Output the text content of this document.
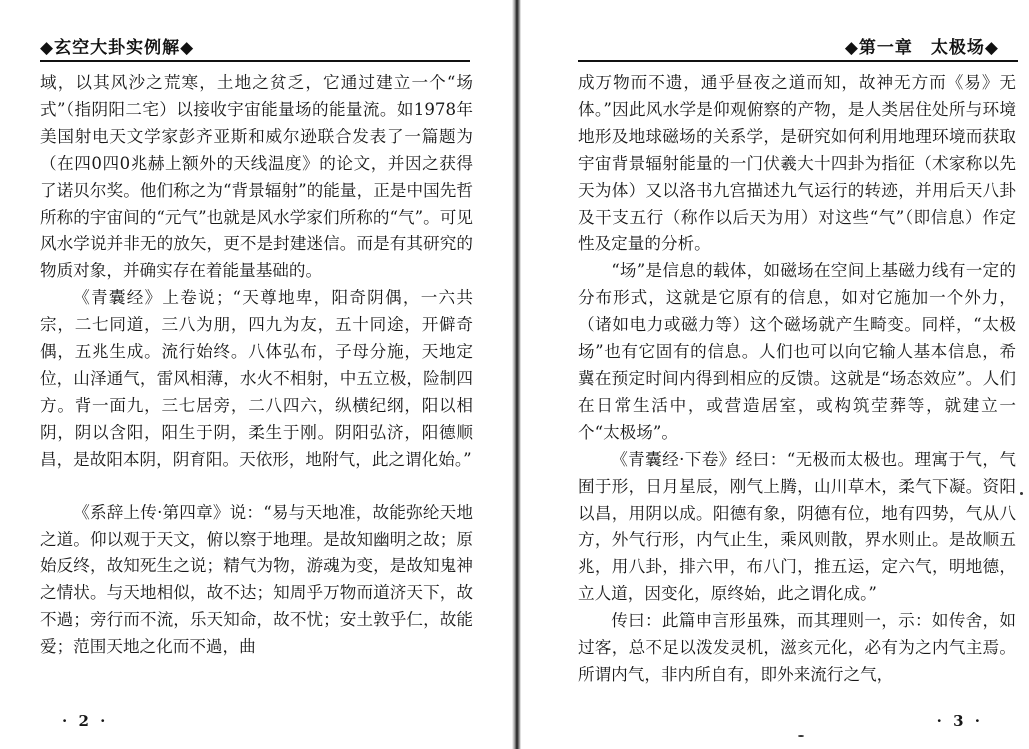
◆玄空大卦实例解◆

域，以其风沙之荒寒，土地之贫乏，它通过建立一个“场式”（指阴阳二宅）以接收宇宙能量场的能量流。如1978年美国射电天文学家彭齐亚斯和威尔逊联合发表了一篇题为（在四0四0兆赫上额外的天线温度》的论文，并因之获得了诺贝尔奖。他们称之为“背景辐射”的能量，正是中国先哲所称的宇宙间的“元气”也就是风水学家们所称的“气”。可见风水学说并非无的放矢，更不是封建迷信。而是有其研究的物质对象，并确实存在着能量基础的。

《青囊经》上卷说；“天尊地卑，阳奇阴偶，一六共宗，二七同道，三八为朋，四九为友，五十同途，开僻奇偶，五兆生成。流行始终。八体弘布，子母分施，天地定位，山泽通气，雷风相薄，水火不相射，中五立极，险制四方。背一面九，三七居旁，二八四六，纵横纪纲，阳以相阴，阴以含阳，阳生于阴，柔生于刚。阴阳弘济，阳德顺昌，是故阳本阴，阴育阳。天依形，地附气，此之谓化始。”

《系辞上传·第四章》说：“易与天地准，故能弥纶天地之道。仰以观于天文，俯以察于地理。是故知幽明之故；原始反终，故知死生之说；精气为物，游魂为变，是故知鬼神之情状。与天地相似，故不达；知周乎万物而道济天下，故不過；旁行而不流，乐天知命，故不忧；安土敦乎仁，故能爱；范围天地之化而不過，曲

· 2 ·
◆第一章　太极场◆

成万物而不遗，通乎昼夜之道而知，故神无方而《易》无体。”因此风水学是仰观俯察的产物，是人类居住处所与环境地形及地球磁场的关系学，是研究如何利用地理环境而获取宇宙背景辐射能量的一门伏羲大十四卦为指征（术家称以先天为体）又以洛书九宫描述九气运行的转迹，并用后天八卦及干支五行（称作以后天为用）对这些“气”（即信息）作定性及定量的分析。

“场”是信息的载体，如磁场在空间上基磁力线有一定的分布形式，这就是它原有的信息，如对它施加一个外力，（诸如电力或磁力等）这个磁场就产生畸变。同样，“太极场”也有它固有的信息。人们也可以向它输人基本信息，希冀在预定时间内得到相应的反馈。这就是“场态效应”。人们在日常生活中，或营造居室，或构筑茔葬等，就建立一个“太极场”。

《青囊经·下卷》经曰：“无极而太极也。理寓于气，气囿于形，日月星辰，刚气上腾，山川草木，柔气下凝。资阳以昌，用阴以成。阳德有象，阴德有位，地有四势，气从八方，外气行形，内气止生，乘风则散，界水则止。是故顺五兆，用八卦，排六甲，布八门，推五运，定六气，明地德，立人道，因变化，原终始，此之谓化成。”

传曰：此篇申言形虽殊，而其理则一，示：如传舍，如过客，总不足以泼发灵机，滋亥元化，必有为之内气主焉。所谓内气，非内所自有，即外来流行之气，

· 3 ·
